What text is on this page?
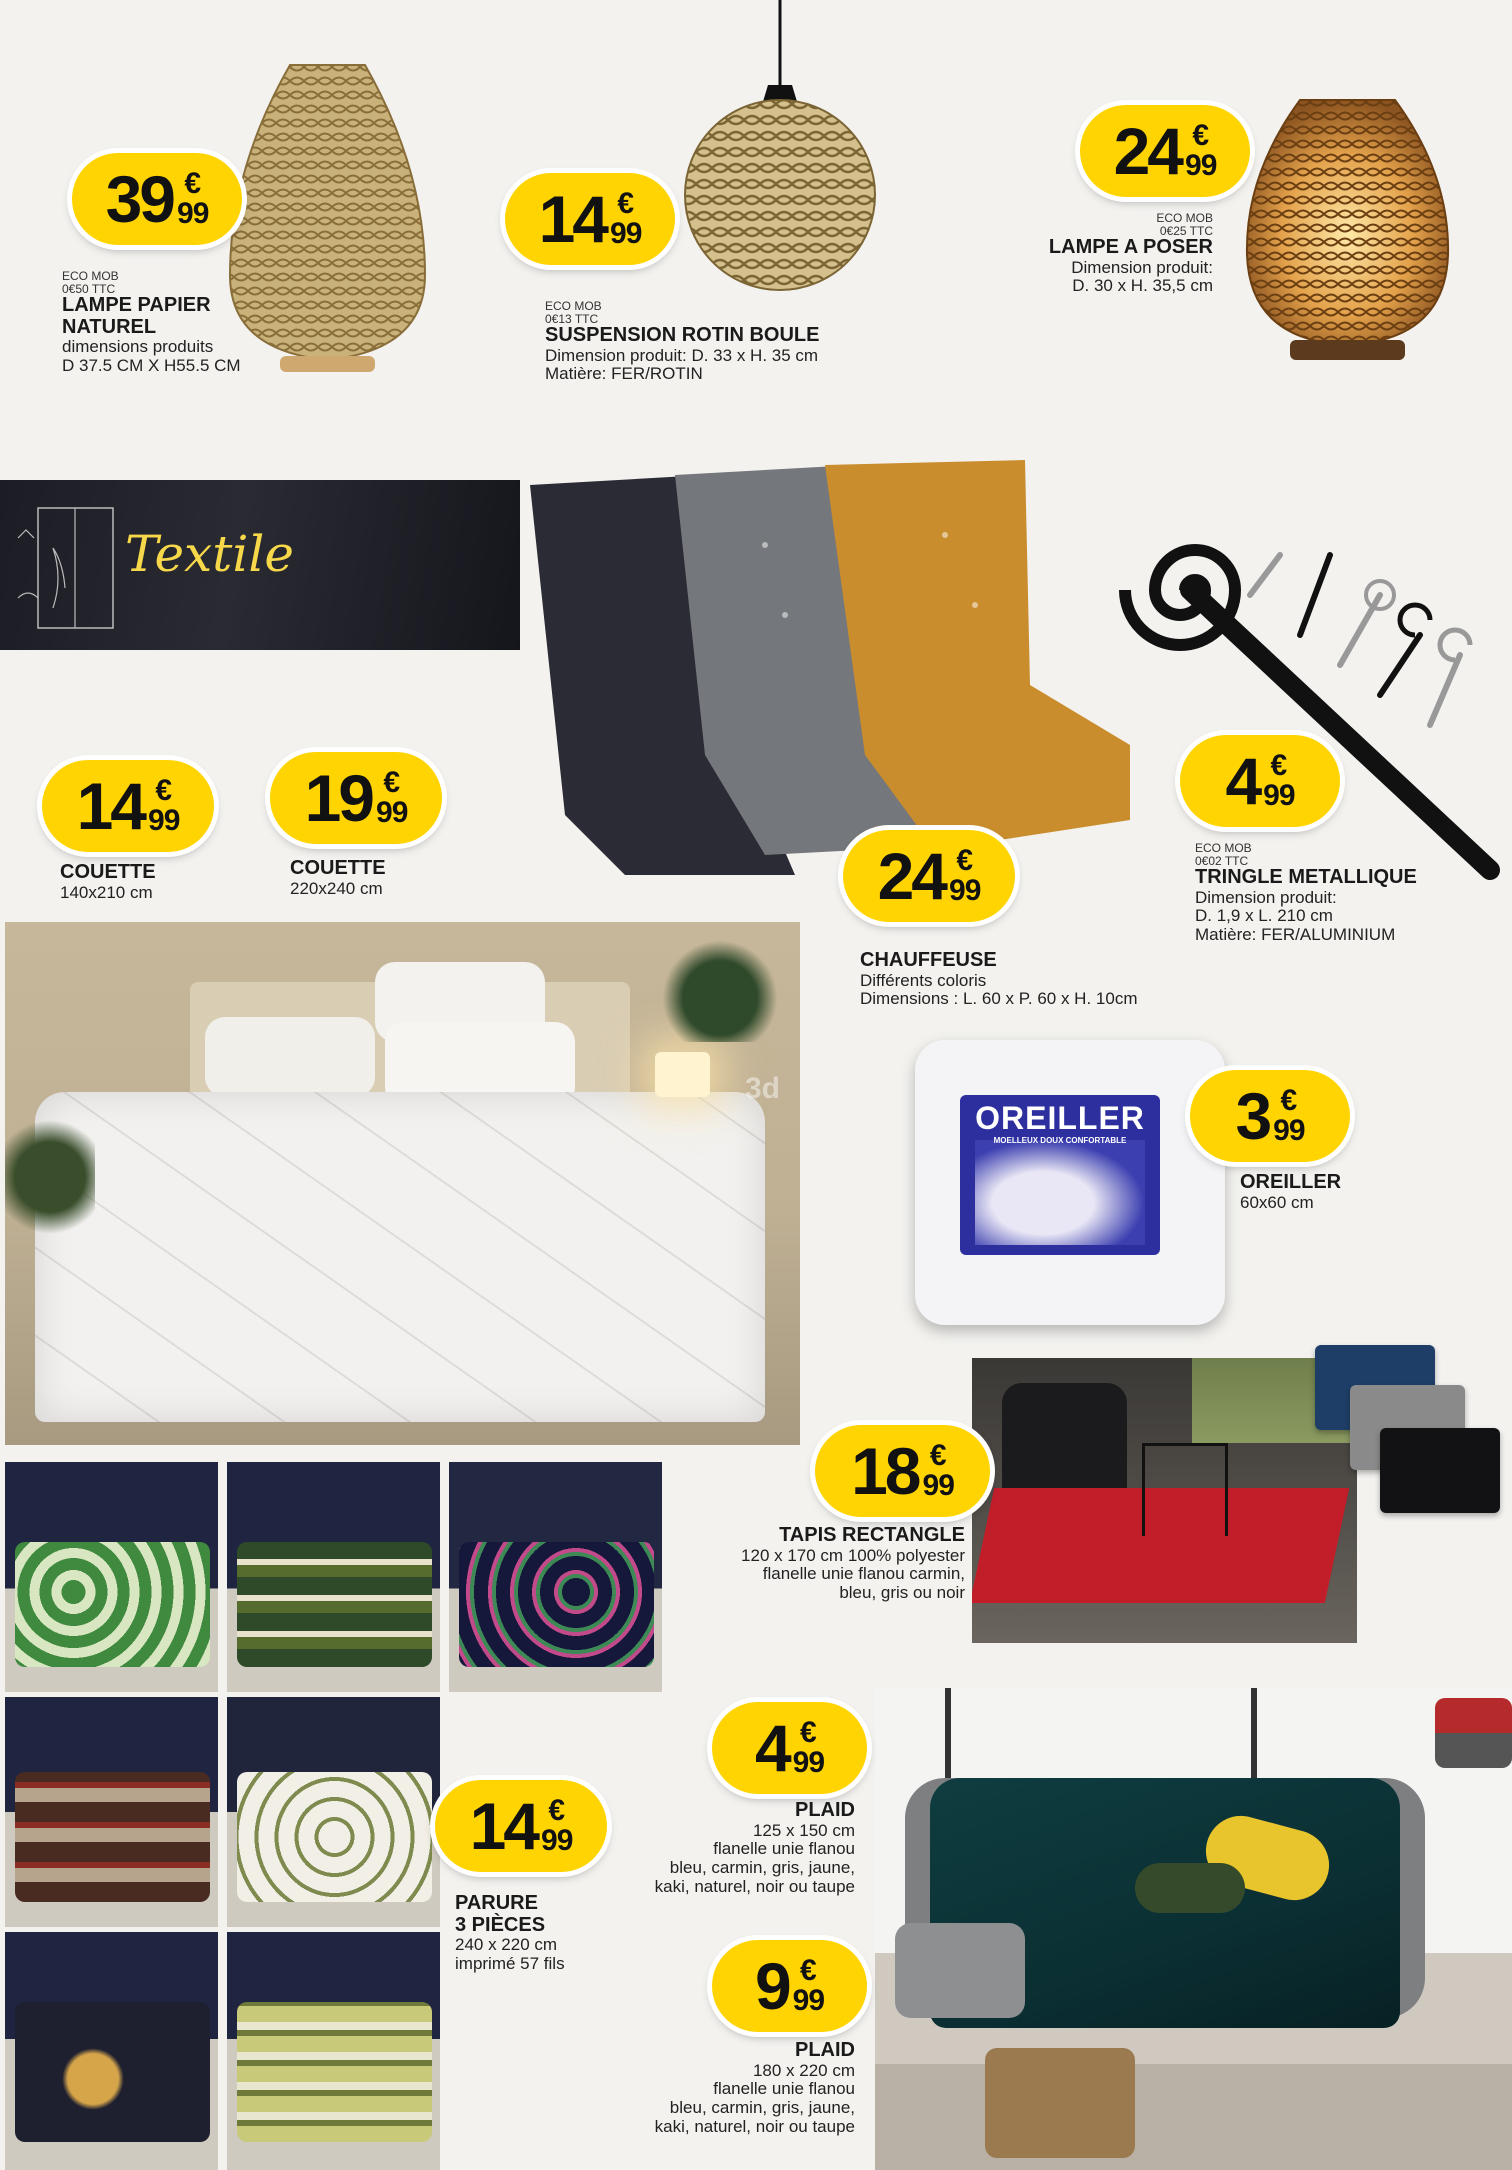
39 €
99
ECO MOB
0€50 TTC
LAMPE PAPIER
NATUREL
dimensions produits
D 37.5 CM X H55.5 CM
14 €
99
ECO MOB
0€13 TTC
SUSPENSION ROTIN BOULE
Dimension produit: D. 33 x H. 35 cm
Matière: FER/ROTIN
24 €
99
ECO MOB
0€25 TTC
LAMPE A POSER
Dimension produit:
D. 30 x H. 35,5 cm
Textile
14 €
99
COUETTE
140x210 cm
19 €
99
COUETTE
220x240 cm	24 €
99
CHAUFFEUSE
Différents coloris
Dimensions : L. 60 x P. 60 x H. 10cm
4 €
99
ECO MOB
0€02 TTC
TRINGLE METALLIQUE
Dimension produit:
D. 1,9 x L. 210 cm
Matière: FER/ALUMINIUM
3d
OREILLER
MOELLEUX DOUX CONFORTABLE	3 €
99
OREILLER
60x60 cm
18 €
99
TAPIS RECTANGLE
120 x 170 cm 100% polyester
flanelle unie flanou carmin,
bleu, gris ou noir
14 €
99
PARURE
3 PIÈCES
240 x 220 cm
imprimé 57 fils
4 €
99
PLAID
125 x 150 cm
flanelle unie flanou
bleu, carmin, gris, jaune,
kaki, naturel, noir ou taupe
9 €
99
PLAID
180 x 220 cm
flanelle unie flanou
bleu, carmin, gris, jaune,
kaki, naturel, noir ou taupe
